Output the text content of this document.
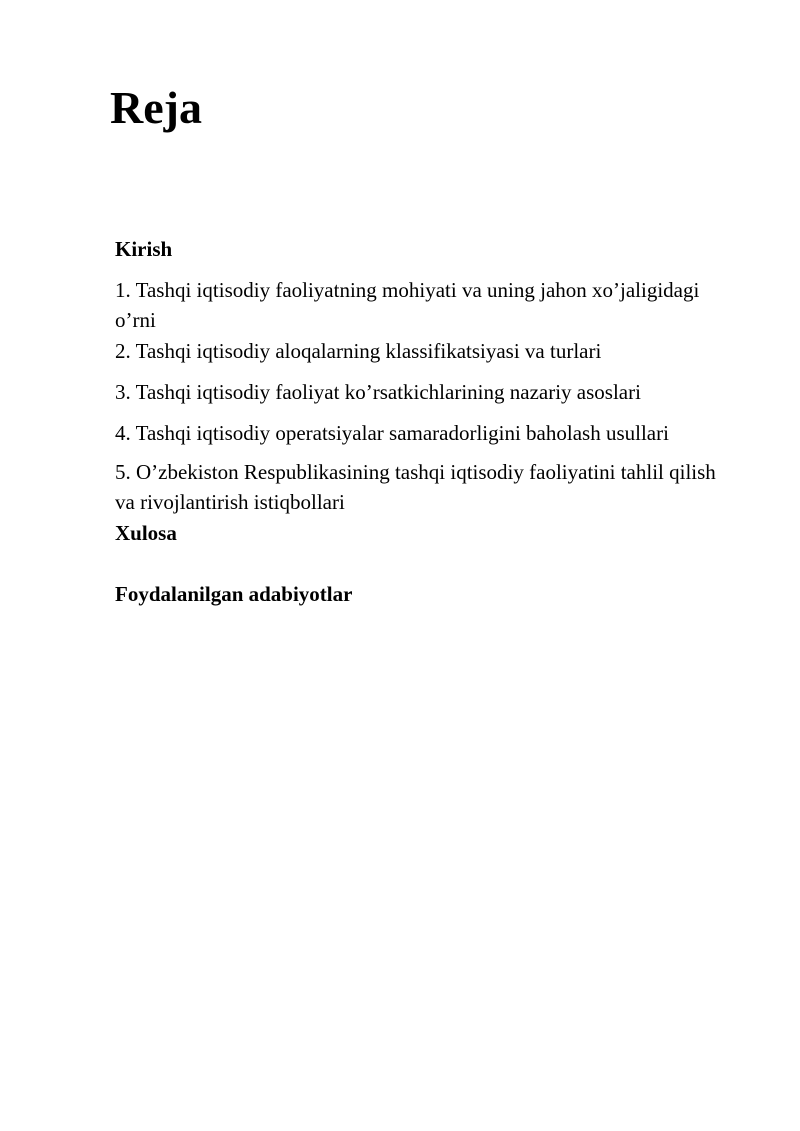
Reja

Kirish

1. Tashqi iqtisodiy faoliyatning mohiyati va uning jahon xo’jaligidagi o’rni

2. Tashqi iqtisodiy aloqalarning klassifikatsiyasi va turlari

3. Tashqi iqtisodiy faoliyat ko’rsatkichlarining nazariy asoslari

4. Tashqi iqtisodiy operatsiyalar samaradorligini baholash usullari

5. O’zbekiston Respublikasining tashqi iqtisodiy faoliyatini tahlil qilish va rivojlantirish istiqbollari

Xulosa

Foydalanilgan adabiyotlar
